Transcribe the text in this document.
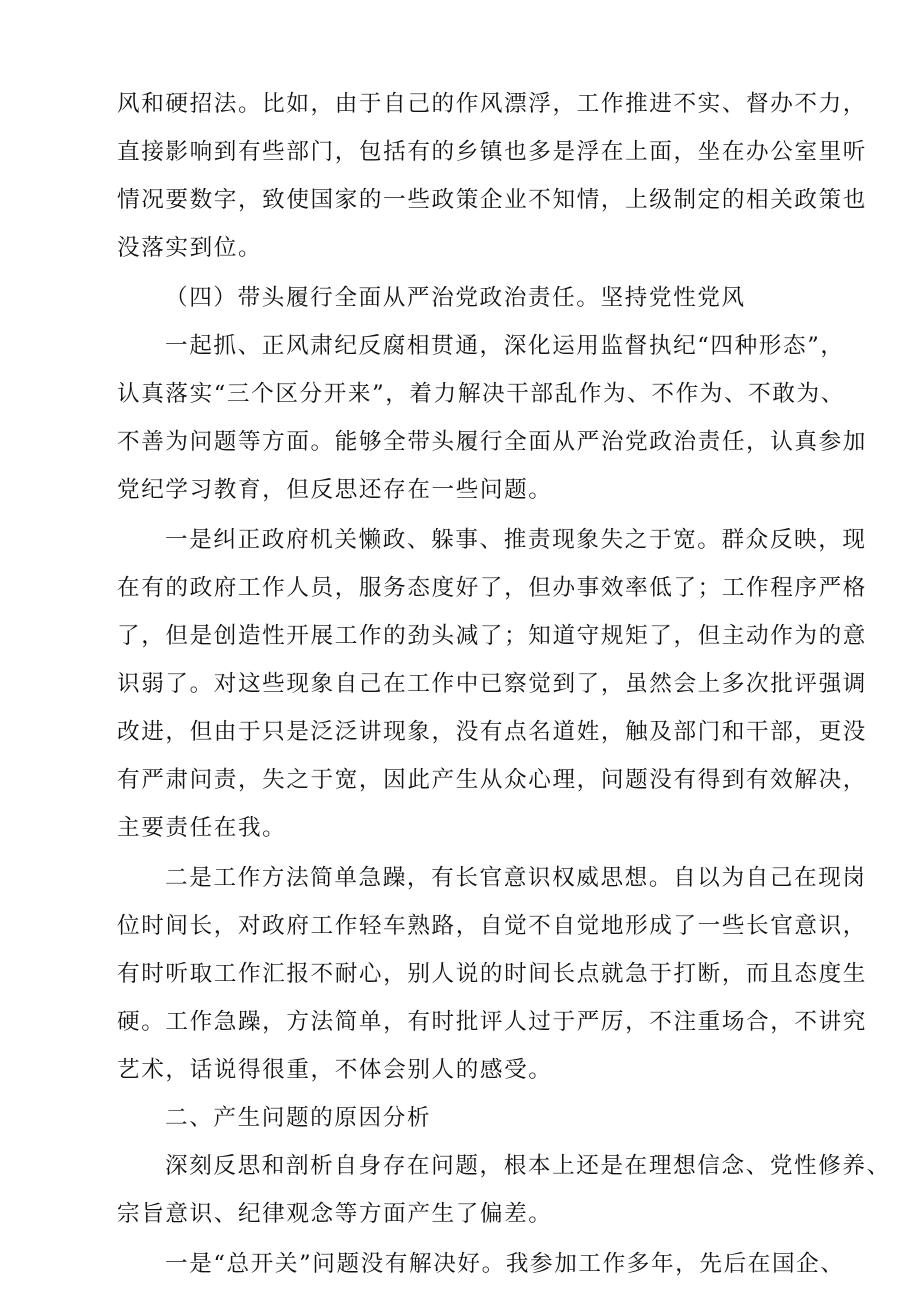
风和硬招法。比如，由于自己的作风漂浮，工作推进不实、督办不力，
直接影响到有些部门，包括有的乡镇也多是浮在上面，坐在办公室里听
情况要数字，致使国家的一些政策企业不知情，上级制定的相关政策也
没落实到位。
（四）带头履行全面从严治党政治责任。坚持党性党风
一起抓、正风肃纪反腐相贯通，深化运用监督执纪“四种形态”，
认真落实“三个区分开来”，着力解决干部乱作为、不作为、不敢为、
不善为问题等方面。能够全带头履行全面从严治党政治责任，认真参加
党纪学习教育，但反思还存在一些问题。
一是纠正政府机关懒政、躲事、推责现象失之于宽。群众反映，现
在有的政府工作人员，服务态度好了，但办事效率低了；工作程序严格
了，但是创造性开展工作的劲头减了；知道守规矩了，但主动作为的意
识弱了。对这些现象自己在工作中已察觉到了，虽然会上多次批评强调
改进，但由于只是泛泛讲现象，没有点名道姓，触及部门和干部，更没
有严肃问责，失之于宽，因此产生从众心理，问题没有得到有效解决，
主要责任在我。
二是工作方法简单急躁，有长官意识权威思想。自以为自己在现岗
位时间长，对政府工作轻车熟路，自觉不自觉地形成了一些长官意识，
有时听取工作汇报不耐心，别人说的时间长点就急于打断，而且态度生
硬。工作急躁，方法简单，有时批评人过于严厉，不注重场合，不讲究
艺术，话说得很重，不体会别人的感受。
二、产生问题的原因分析
深刻反思和剖析自身存在问题，根本上还是在理想信念、党性修养、
宗旨意识、纪律观念等方面产生了偏差。
一是“总开关”问题没有解决好。我参加工作多年，先后在国企、
